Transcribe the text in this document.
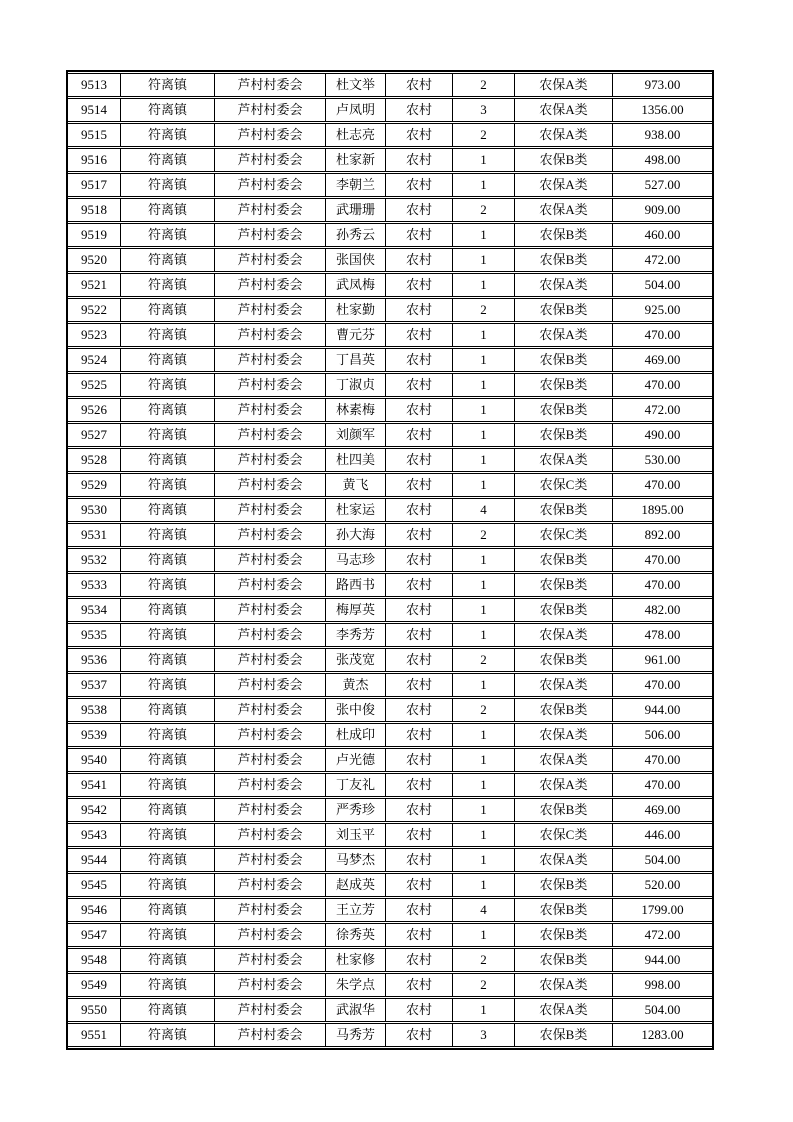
9513	符离镇	芦村村委会	杜文举	农村	2	农保A类	973.00
9514	符离镇	芦村村委会	卢凤明	农村	3	农保A类	1356.00
9515	符离镇	芦村村委会	杜志亮	农村	2	农保A类	938.00
9516	符离镇	芦村村委会	杜家新	农村	1	农保B类	498.00
9517	符离镇	芦村村委会	李朝兰	农村	1	农保A类	527.00
9518	符离镇	芦村村委会	武珊珊	农村	2	农保A类	909.00
9519	符离镇	芦村村委会	孙秀云	农村	1	农保B类	460.00
9520	符离镇	芦村村委会	张国侠	农村	1	农保B类	472.00
9521	符离镇	芦村村委会	武凤梅	农村	1	农保A类	504.00
9522	符离镇	芦村村委会	杜家勤	农村	2	农保B类	925.00
9523	符离镇	芦村村委会	曹元芬	农村	1	农保A类	470.00
9524	符离镇	芦村村委会	丁昌英	农村	1	农保B类	469.00
9525	符离镇	芦村村委会	丁淑贞	农村	1	农保B类	470.00
9526	符离镇	芦村村委会	林素梅	农村	1	农保B类	472.00
9527	符离镇	芦村村委会	刘颜军	农村	1	农保B类	490.00
9528	符离镇	芦村村委会	杜四美	农村	1	农保A类	530.00
9529	符离镇	芦村村委会	黄飞	农村	1	农保C类	470.00
9530	符离镇	芦村村委会	杜家运	农村	4	农保B类	1895.00
9531	符离镇	芦村村委会	孙大海	农村	2	农保C类	892.00
9532	符离镇	芦村村委会	马志珍	农村	1	农保B类	470.00
9533	符离镇	芦村村委会	路西书	农村	1	农保B类	470.00
9534	符离镇	芦村村委会	梅厚英	农村	1	农保B类	482.00
9535	符离镇	芦村村委会	李秀芳	农村	1	农保A类	478.00
9536	符离镇	芦村村委会	张茂宽	农村	2	农保B类	961.00
9537	符离镇	芦村村委会	黄杰	农村	1	农保A类	470.00
9538	符离镇	芦村村委会	张中俊	农村	2	农保B类	944.00
9539	符离镇	芦村村委会	杜成印	农村	1	农保A类	506.00
9540	符离镇	芦村村委会	卢光德	农村	1	农保A类	470.00
9541	符离镇	芦村村委会	丁友礼	农村	1	农保A类	470.00
9542	符离镇	芦村村委会	严秀珍	农村	1	农保B类	469.00
9543	符离镇	芦村村委会	刘玉平	农村	1	农保C类	446.00
9544	符离镇	芦村村委会	马梦杰	农村	1	农保A类	504.00
9545	符离镇	芦村村委会	赵成英	农村	1	农保B类	520.00
9546	符离镇	芦村村委会	王立芳	农村	4	农保B类	1799.00
9547	符离镇	芦村村委会	徐秀英	农村	1	农保B类	472.00
9548	符离镇	芦村村委会	杜家修	农村	2	农保B类	944.00
9549	符离镇	芦村村委会	朱学点	农村	2	农保A类	998.00
9550	符离镇	芦村村委会	武淑华	农村	1	农保A类	504.00
9551	符离镇	芦村村委会	马秀芳	农村	3	农保B类	1283.00
